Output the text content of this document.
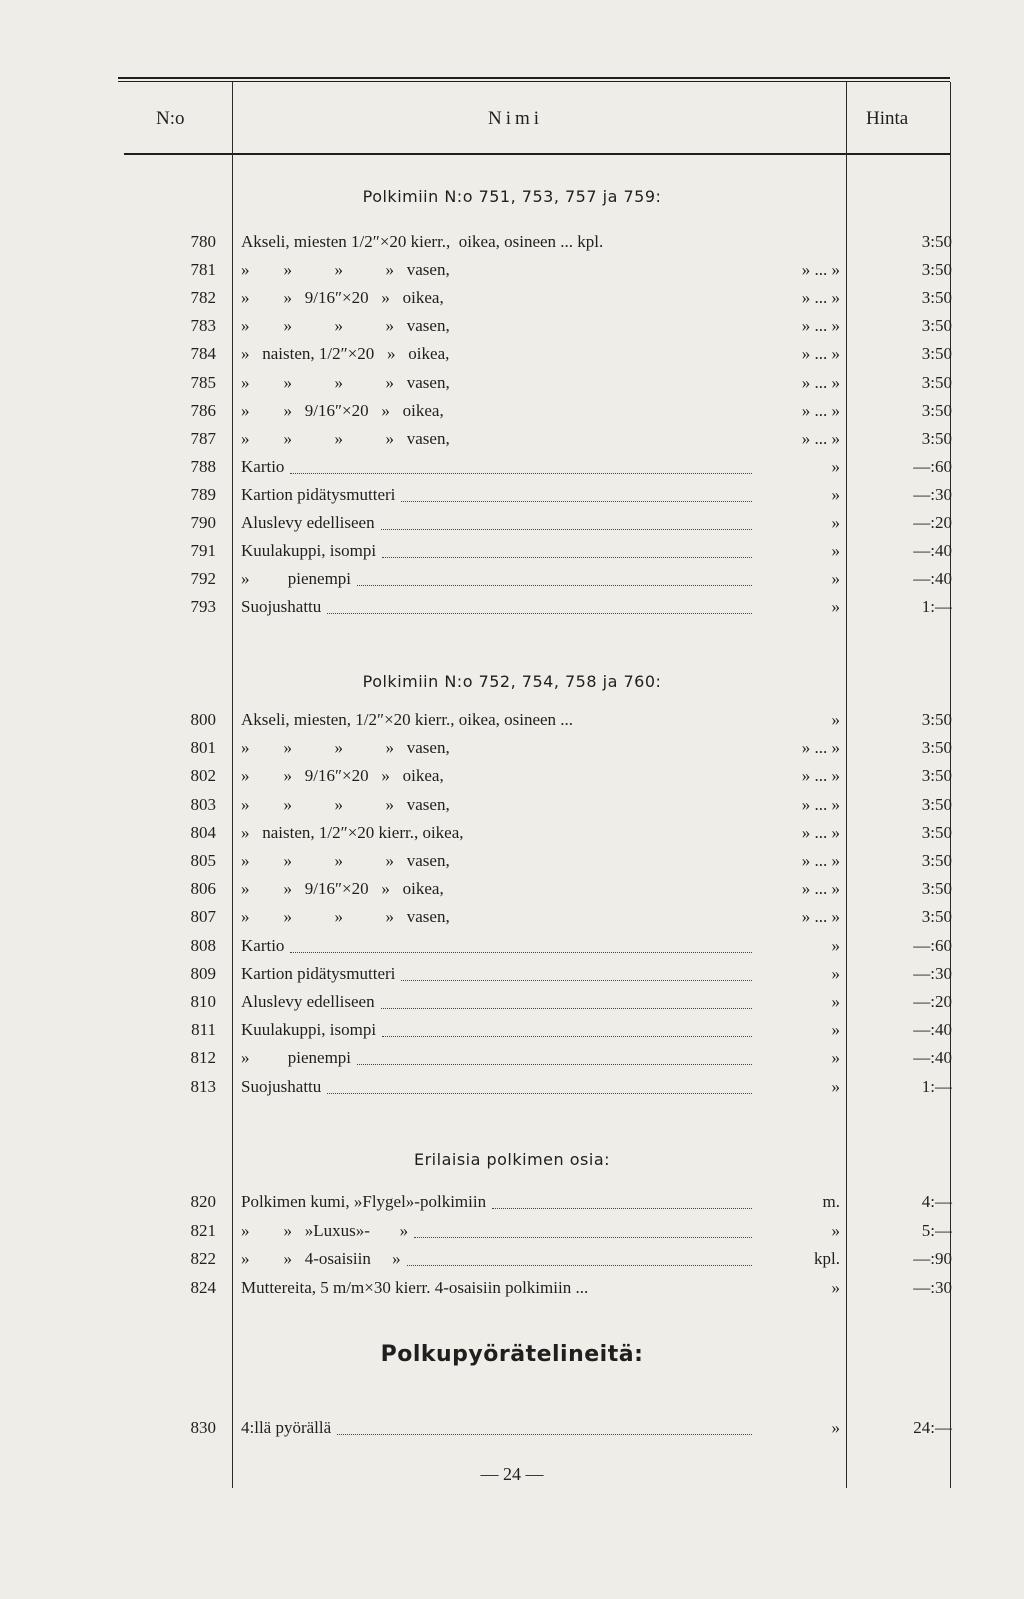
N:o	Nimi	Hinta
Polkimiin N:o 751, 753, 757 ja 759:
780 Akseli, miesten 1/2″×20 kierr.,  oikea, osineen ... kpl.	3:50
781 »        »          »          »   vasen,	» ... »	3:50
782 »        »   9/16″×20   »   oikea,	» ... »	3:50
783 »        »          »          »   vasen,	» ... »	3:50
784 »   naisten, 1/2″×20   »   oikea,	» ... »	3:50
785 »        »          »          »   vasen,	» ... »	3:50
786 »        »   9/16″×20   »   oikea,	» ... »	3:50
787 »        »          »          »   vasen,	» ... »	3:50
788 Kartio	»	—:60
789 Kartion pidätysmutteri	»	—:30
790 Aluslevy edelliseen	»	—:20
791 Kuulakuppi, isompi	»	—:40
792 »         pienempi	»	—:40
793 Suojushattu	»	1:—
Polkimiin N:o 752, 754, 758 ja 760:
800 Akseli, miesten, 1/2″×20 kierr., oikea, osineen ...	»	3:50
801 »        »          »          »   vasen,	» ... »	3:50
802 »        »   9/16″×20   »   oikea,	» ... »	3:50
803 »        »          »          »   vasen,	» ... »	3:50
804 »   naisten, 1/2″×20 kierr., oikea,	» ... »	3:50
805 »        »          »          »   vasen,	» ... »	3:50
806 »        »   9/16″×20   »   oikea,	» ... »	3:50
807 »        »          »          »   vasen,	» ... »	3:50
808 Kartio	»	—:60
809 Kartion pidätysmutteri	»	—:30
810 Aluslevy edelliseen	»	—:20
811 Kuulakuppi, isompi	»	—:40
812 »         pienempi	»	—:40
813 Suojushattu	»	1:—
Erilaisia polkimen osia:
820 Polkimen kumi, »Flygel»-polkimiin	m.	4:—
821 »        »   »Luxus»-       »	»	5:—
822 »        »   4-osaisiin     »	kpl.	—:90
824 Muttereita, 5 m/m×30 kierr. 4-osaisiin polkimiin ...	»	—:30
Polkupyörätelineitä:
830 4:llä pyörällä	»	24:—
— 24 —
